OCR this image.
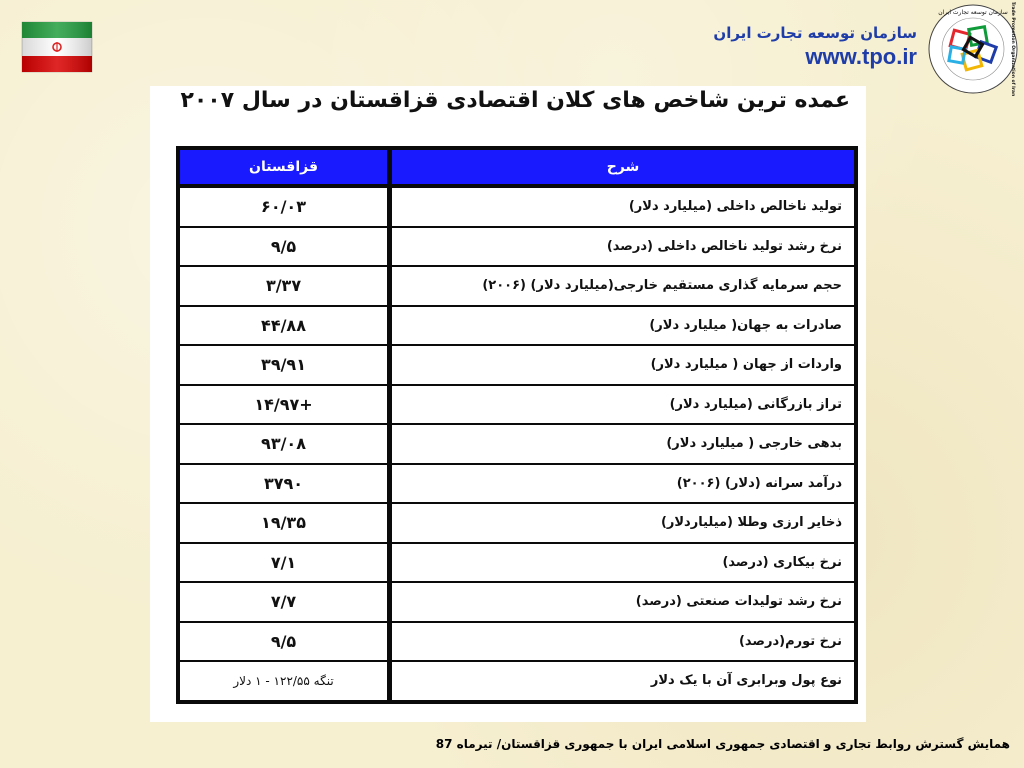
سازمان توسعه تجارت ایران
www.tpo.ir
سازمان توسعه تجارت ایران Trade Promotion Organization of Iran
عمده ترین شاخص های کلان اقتصادی قزاقستان در سال ۲۰۰۷
قزاقستان	شرح
۶۰/۰۳	تولید ناخالص داخلی (میلیارد دلار)
۹/۵	نرخ رشد تولید ناخالص داخلی (درصد)
۳/۳۷	حجم سرمایه گذاری مستقیم خارجی(میلیارد دلار) (۲۰۰۶)
۴۴/۸۸	صادرات به جهان( میلیارد دلار)
۳۹/۹۱	واردات از جهان ( میلیارد دلار)
+۱۴/۹۷	تراز بازرگانی (میلیارد دلار)
۹۳/۰۸	بدهی خارجی ( میلیارد دلار)
۳۷۹۰	درآمد سرانه (دلار) (۲۰۰۶)
۱۹/۳۵	ذخایر ارزی وطلا (میلیاردلار)
۷/۱	نرخ بیکاری (درصد)
۷/۷	نرخ رشد تولیدات صنعتی (درصد)
۹/۵	نرخ تورم(درصد)
تنگه ۱۲۲/۵۵ - ۱ دلار	نوع پول وبرابری آن با یک دلار
همایش گسترش روابط تجاری و اقتصادی جمهوری اسلامی ایران با جمهوری قزاقستان/ تیرماه 87
